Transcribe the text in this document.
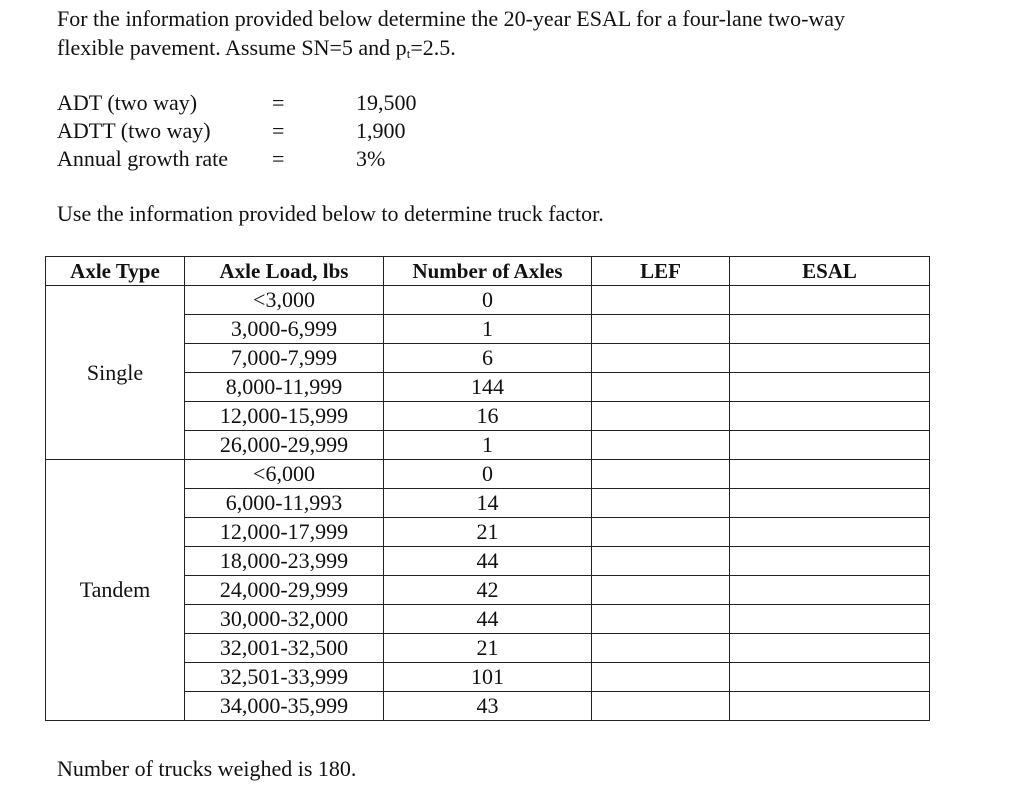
For the information provided below determine the 20-year ESAL for a four-lane two-way
flexible pavement. Assume SN=5 and $p_t=2.5$.
ADT (two way)	=	19,500
ADTT (two way)	=	1,900
Annual growth rate	=	3%

Use the information provided below to determine truck factor.

Axle Type	Axle Load, lbs	Number of Axles	LEF	ESAL
Single	<3,000	0		
	3,000-6,999	1		
	7,000-7,999	6		
	8,000-11,999	144		
	12,000-15,999	16		
	26,000-29,999	1		
Tandem	<6,000	0		
	6,000-11,993	14		
	12,000-17,999	21		
	18,000-23,999	44		
	24,000-29,999	42		
	30,000-32,000	44		
	32,001-32,500	21		
	32,501-33,999	101		
	34,000-35,999	43		

Number of trucks weighed is 180.
